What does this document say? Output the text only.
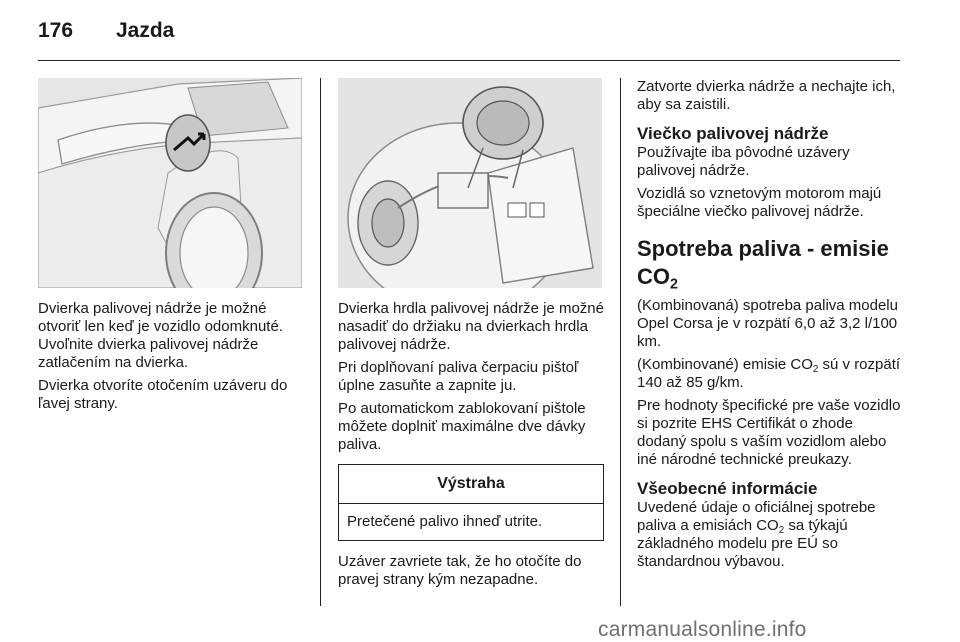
176	Jazda

Dvierka palivovej nádrže je možné otvoriť len keď je vozidlo odomknuté. Uvoľnite dvierka palivovej nádrže zatlačením na dvierka.

Dvierka otvoríte otočením uzáveru do ľavej strany.

Dvierka hrdla palivovej nádrže je možné nasadiť do držiaku na dvierkach hrdla palivovej nádrže.

Pri doplňovaní paliva čerpaciu pištoľ úplne zasuňte a zapnite ju.

Po automatickom zablokovaní pištole môžete doplniť maximálne dve dávky paliva.

Výstraha
Pretečené palivo ihneď utrite.

Uzáver zavriete tak, že ho otočíte do pravej strany kým nezapadne.

Zatvorte dvierka nádrže a nechajte ich, aby sa zaistili.

Viečko palivovej nádrže

Používajte iba pôvodné uzávery palivovej nádrže.

Vozidlá so vznetovým motorom majú špeciálne viečko palivovej nádrže.

Spotreba paliva - emisie $CO_2$

(Kombinovaná) spotreba paliva modelu Opel Corsa je v rozpätí 6,0 až 3,2 l/100 km.

(Kombinované) emisie $CO_2$ sú v rozpätí 140 až 85 g/km.

Pre hodnoty špecifické pre vaše vozidlo si pozrite EHS Certifikát o zhode dodaný spolu s vaším vozidlom alebo iné národné technické preukazy.

Všeobecné informácie

Uvedené údaje o oficiálnej spotrebe paliva a emisiách $CO_2$ sa týkajú základného modelu pre EÚ so štandardnou výbavou.

carmanualsonline.info
